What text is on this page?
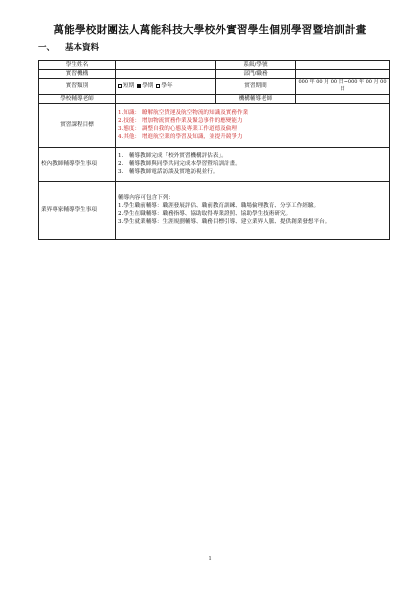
萬能學校財團法人萬能科技大學校外實習學生個別學習暨培訓計畫
一、 基本資料
學生姓名		系級/學號	
實習機構		部門/職務	
實習類別	短期 學期 學年	實習期間	000 年 00 月 00 日~000 年 00 月 00 日
學校輔導老師		機構輔導老師	
實習課程目標	1.知識： 瞭解航空貨運及航空物流的知識及實務作業
2.技能： 增加物流實務作業及緊急事件的應變能力
3.態度： 調整自我的心態及專業工作道德及倫理
4.其他： 增進航空業的學習及知識，並提升競爭力		

校內教師輔導學生事項	1.　輔導教師完成「校外實習機構評估表」。
2.　輔導教師與同學共同完成本學習暨培訓計畫。
3.　輔導教師電話訪談及實地訪視並行。		

業界專家輔導學生事項	輔導內容可包含下列：
1.學生職前輔導：職涯發展評估、職前教育訓練、職場倫理教育、分享工作經驗。
2.學生在職輔導：職務指導、協助取得專業證照、協助學生技術研究。
3.學生就業輔導：生涯規劃輔導、職務目標引導、建立業界人脈、提供創業發想平台。		
1
